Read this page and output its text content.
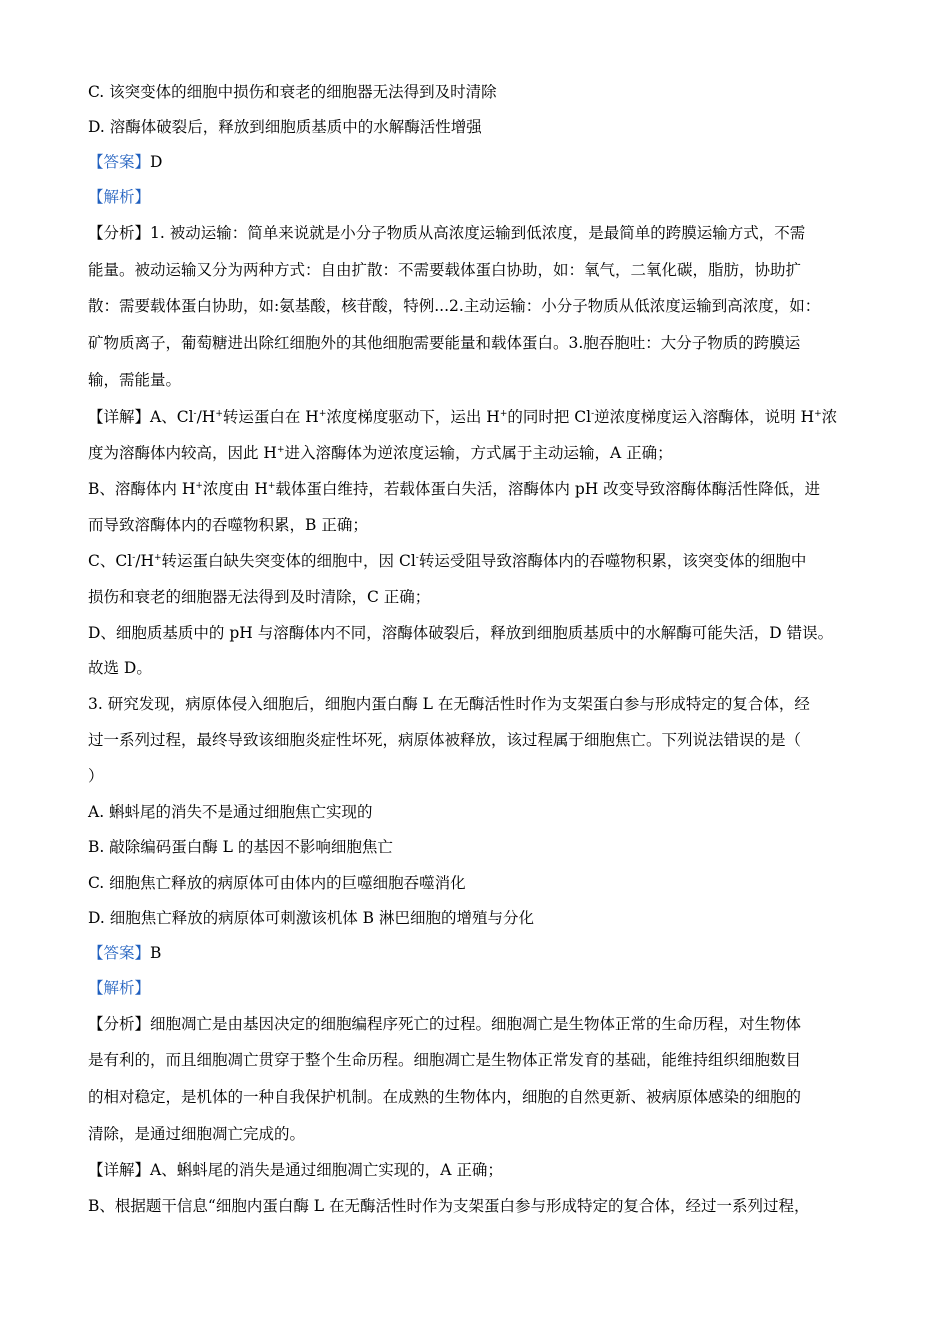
C. 该突变体的细胞中损伤和衰老的细胞器无法得到及时清除
D. 溶酶体破裂后，释放到细胞质基质中的水解酶活性增强
【答案】D
【解析】
【分析】1. 被动运输：简单来说就是小分子物质从高浓度运输到低浓度，是最简单的跨膜运输方式，不需
能量。被动运输又分为两种方式：自由扩散：不需要载体蛋白协助，如：氧气，二氧化碳，脂肪，协助扩
散：需要载体蛋白协助，如:氨基酸，核苷酸，特例...2.主动运输：小分子物质从低浓度运输到高浓度，如：
矿物质离子，葡萄糖进出除红细胞外的其他细胞需要能量和载体蛋白。3.胞吞胞吐：大分子物质的跨膜运
输，需能量。
【详解】A、Cl-/H+转运蛋白在 H+浓度梯度驱动下，运出 H+的同时把 Cl-逆浓度梯度运入溶酶体，说明 H+浓
度为溶酶体内较高，因此 H+进入溶酶体为逆浓度运输，方式属于主动运输，A 正确；
B、溶酶体内 H+浓度由 H+载体蛋白维持，若载体蛋白失活，溶酶体内 pH 改变导致溶酶体酶活性降低，进
而导致溶酶体内的吞噬物积累，B 正确；
C、Cl-/H+转运蛋白缺失突变体的细胞中，因 Cl-转运受阻导致溶酶体内的吞噬物积累，该突变体的细胞中
损伤和衰老的细胞器无法得到及时清除，C 正确；
D、细胞质基质中的 pH 与溶酶体内不同，溶酶体破裂后，释放到细胞质基质中的水解酶可能失活，D 错误。
故选 D。
3. 研究发现，病原体侵入细胞后，细胞内蛋白酶 L 在无酶活性时作为支架蛋白参与形成特定的复合体，经
过一系列过程，最终导致该细胞炎症性坏死，病原体被释放，该过程属于细胞焦亡。下列说法错误的是（
）
A. 蝌蚪尾的消失不是通过细胞焦亡实现的
B. 敲除编码蛋白酶 L 的基因不影响细胞焦亡
C. 细胞焦亡释放的病原体可由体内的巨噬细胞吞噬消化
D. 细胞焦亡释放的病原体可刺激该机体 B 淋巴细胞的增殖与分化
【答案】B
【解析】
【分析】细胞凋亡是由基因决定的细胞编程序死亡的过程。细胞凋亡是生物体正常的生命历程，对生物体
是有利的，而且细胞凋亡贯穿于整个生命历程。细胞凋亡是生物体正常发育的基础，能维持组织细胞数目
的相对稳定，是机体的一种自我保护机制。在成熟的生物体内，细胞的自然更新、被病原体感染的细胞的
清除，是通过细胞凋亡完成的。
【详解】A、蝌蚪尾的消失是通过细胞凋亡实现的，A 正确；
B、根据题干信息“细胞内蛋白酶 L 在无酶活性时作为支架蛋白参与形成特定的复合体，经过一系列过程，
